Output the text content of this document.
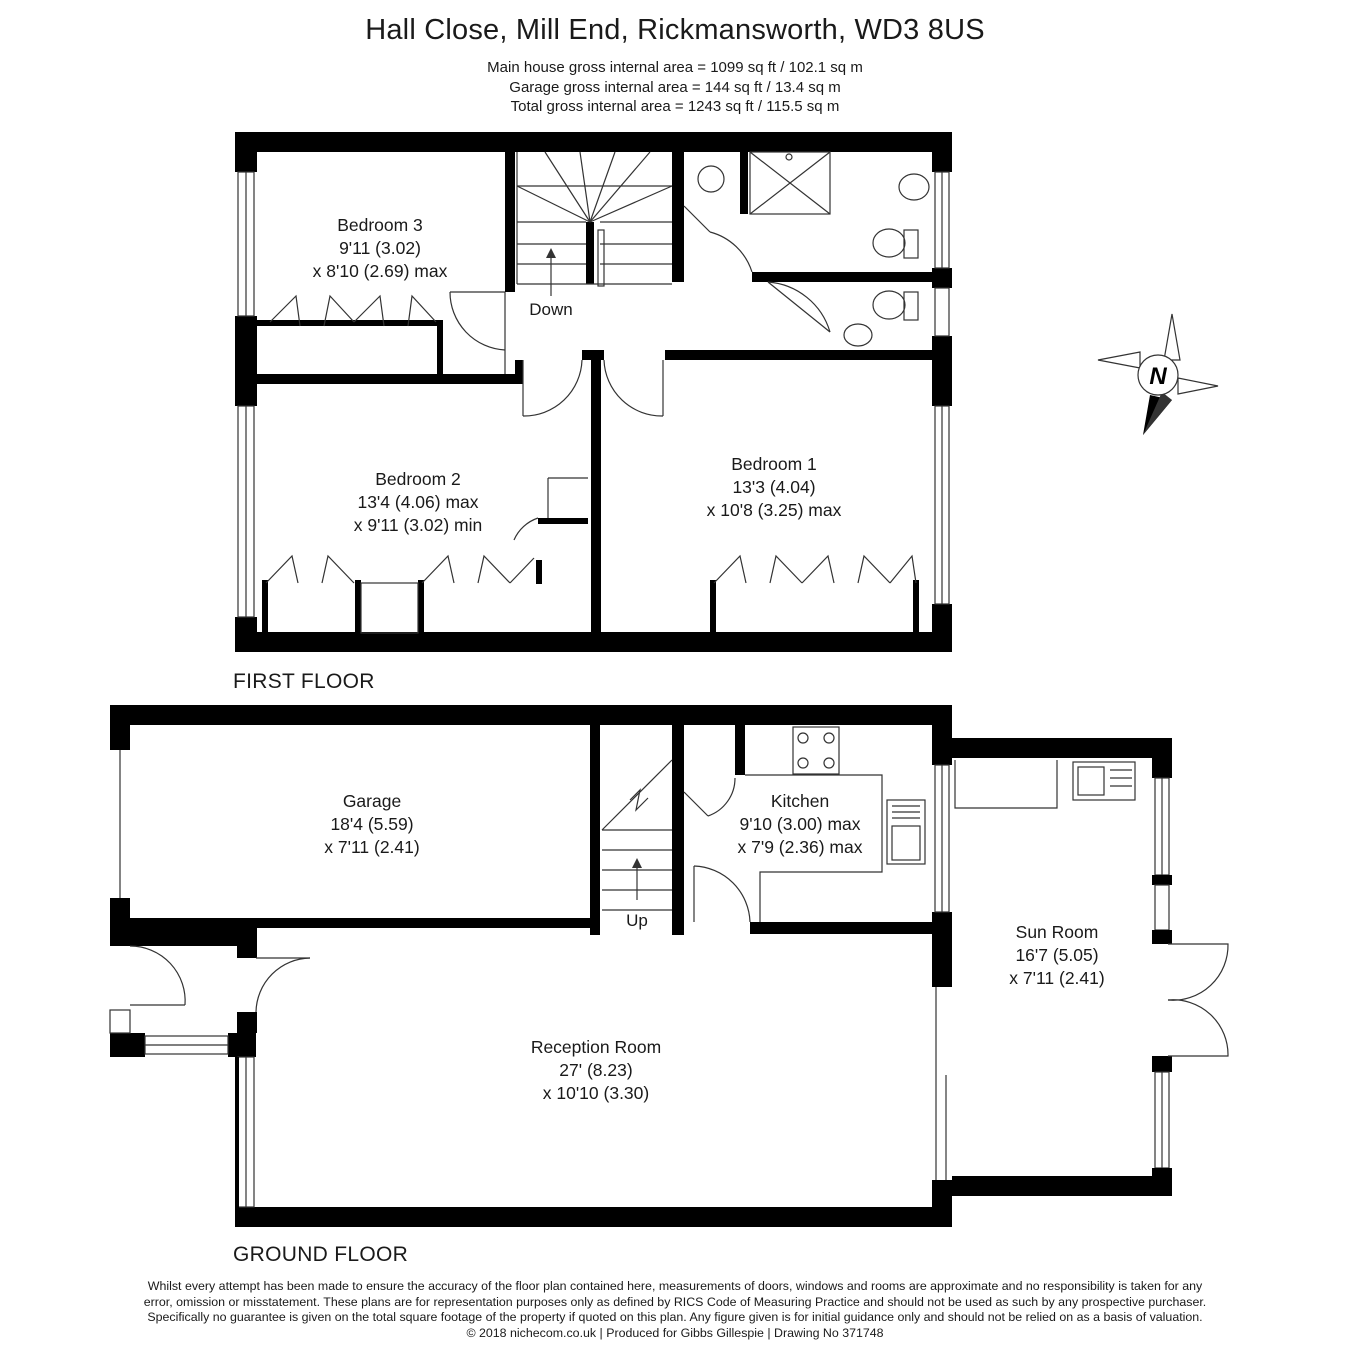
Hall Close, Mill End, Rickmansworth, WD3 8US
Main house gross internal area = 1099 sq ft / 102.1 sq m
Garage gross internal area = 144 sq ft / 13.4 sq m
Total gross internal area = 1243 sq ft / 115.5 sq m
Bedroom 3
9'11 (3.02)
x 8'10 (2.69) max
Bedroom 2
13'4 (4.06) max
x 9'11 (3.02) min
Bedroom 1
13'3 (4.04)
x 10'8 (3.25) max
Down
N
Garage
18'4 (5.59)
x 7'11 (2.41)
Kitchen
9'10 (3.00) max
x 7'9 (2.36) max
Sun Room
16'7 (5.05)
x 7'11 (2.41)
Reception Room
27' (8.23)
x 10'10 (3.30)
Up
FIRST FLOOR
GROUND FLOOR
Whilst every attempt has been made to ensure the accuracy of the floor plan contained here, measurements of doors, windows and rooms are approximate and no responsibility is taken for any
error, omission or misstatement. These plans are for representation purposes only as defined by RICS Code of Measuring Practice and should not be used as such by any prospective purchaser.
Specifically no guarantee is given on the total square footage of the property if quoted on this plan. Any figure given is for initial guidance only and should not be relied on as a basis of valuation.
© 2018 nichecom.co.uk | Produced for Gibbs Gillespie | Drawing No 371748
